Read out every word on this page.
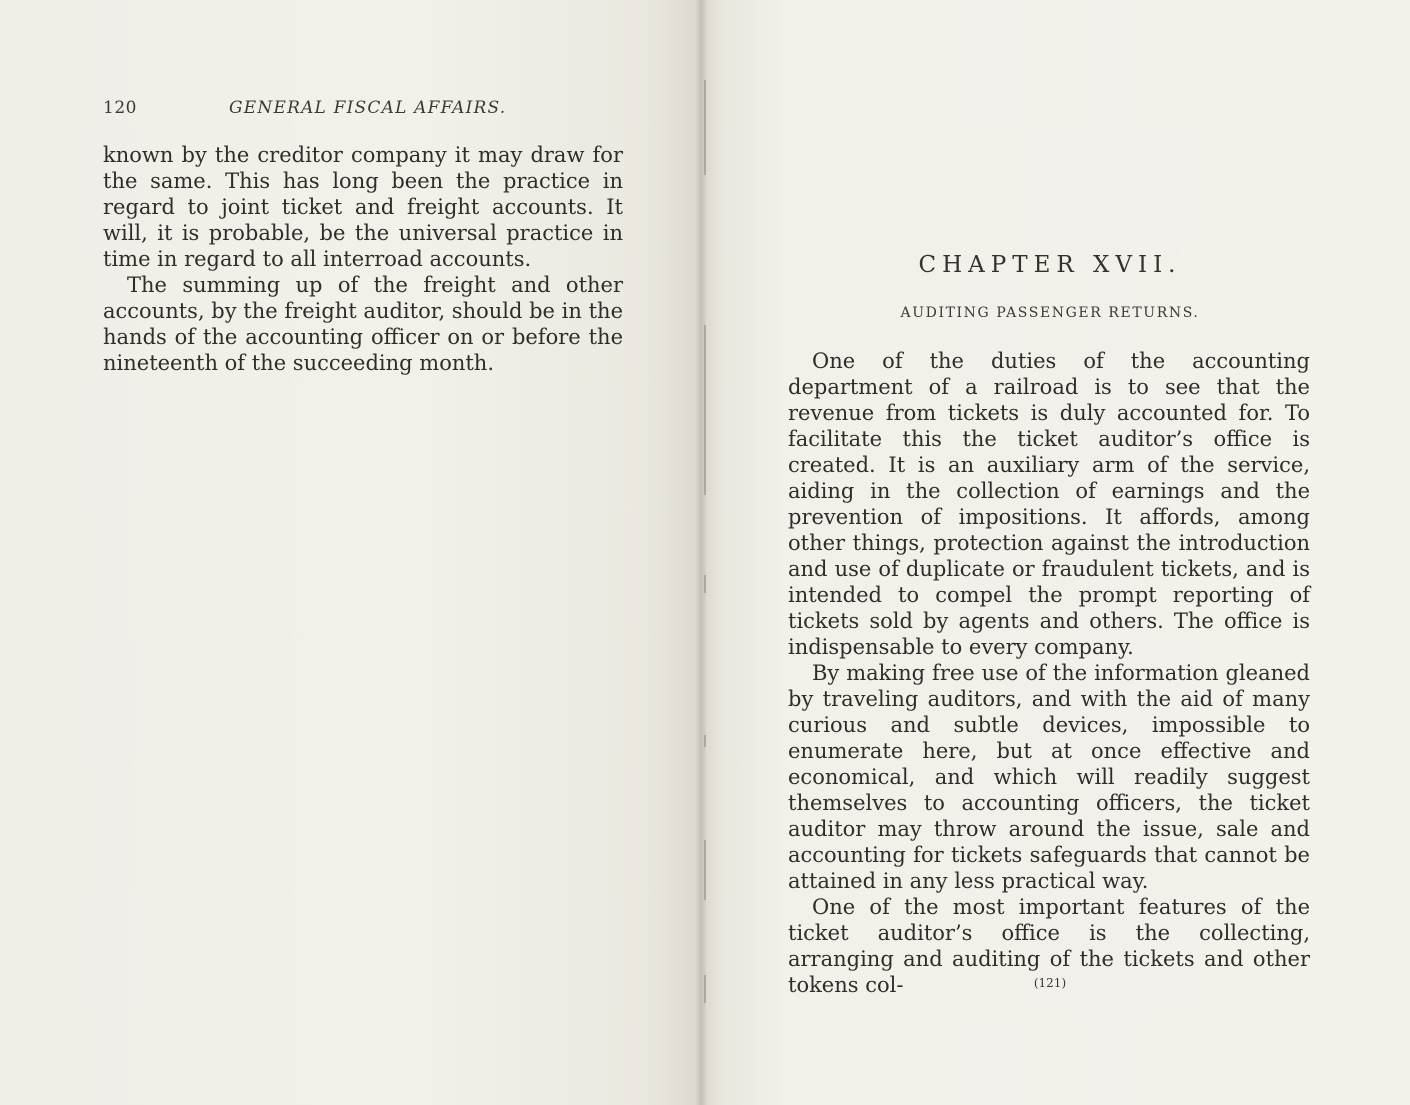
120	GENERAL FISCAL AFFAIRS.

known by the creditor company it may draw for the same. This has long been the practice in regard to joint ticket and freight accounts. It will, it is probable, be the universal practice in time in regard to all interroad accounts.

The summing up of the freight and other accounts, by the freight auditor, should be in the hands of the accounting officer on or before the nineteenth of the succeeding month.

CHAPTER XVII.
AUDITING PASSENGER RETURNS.

One of the duties of the accounting department of a railroad is to see that the revenue from tickets is duly accounted for. To facilitate this the ticket auditor’s office is created. It is an auxiliary arm of the service, aiding in the collection of earnings and the prevention of impositions. It affords, among other things, protection against the introduction and use of duplicate or fraudulent tickets, and is intended to compel the prompt reporting of tickets sold by agents and others. The office is indispensable to every company.

By making free use of the information gleaned by traveling auditors, and with the aid of many curious and subtle devices, impossible to enumerate here, but at once effective and economical, and which will readily suggest themselves to accounting officers, the ticket auditor may throw around the issue, sale and accounting for tickets safeguards that cannot be attained in any less practical way.

One of the most important features of the ticket auditor’s office is the collecting, arranging and auditing of the tickets and other tokens col-	(121)
